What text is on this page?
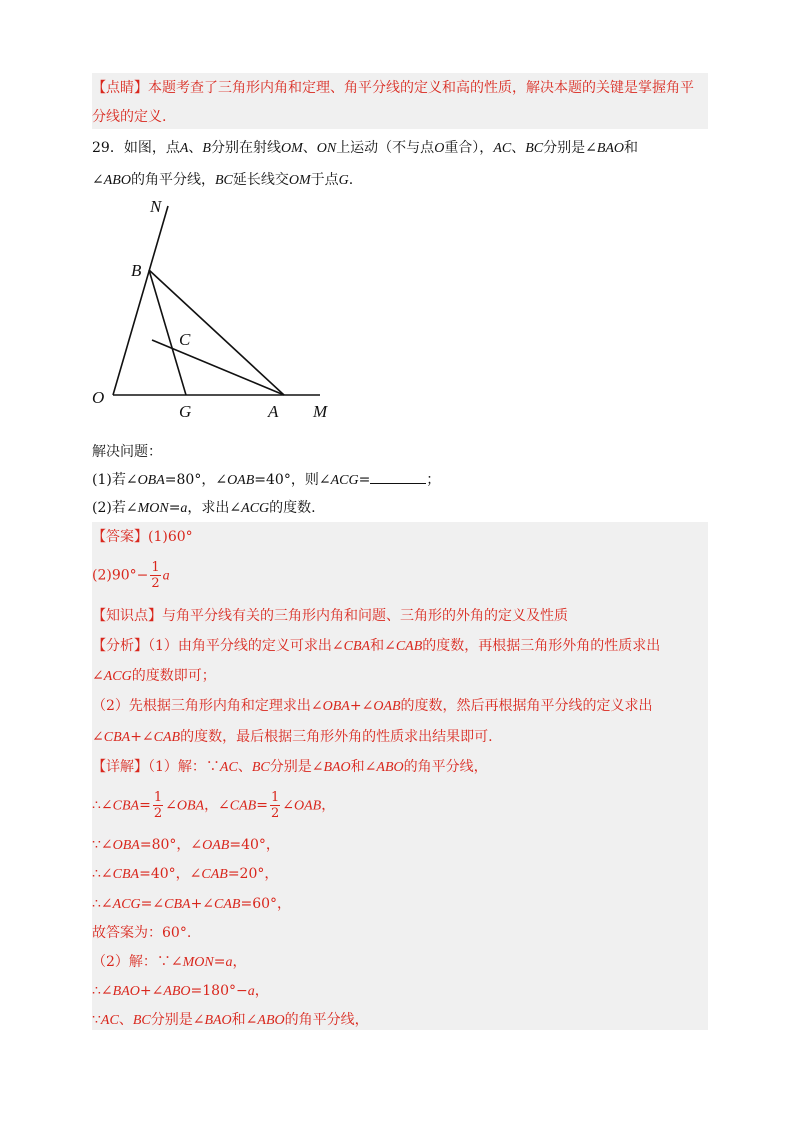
【点睛】本题考查了三角形内角和定理、角平分线的定义和高的性质，解决本题的关键是掌握角平
分线的定义.
29．如图，点A、B分别在射线OM、ON上运动（不与点O重合），AC、BC分别是∠BAO和
∠ABO的角平分线，BC延长线交OM于点G.
N
B
C
O
G	A M
解决问题：
(1)若∠OBA=80°，∠OAB=40°，则∠ACG=	；
(2)若∠MON=a，求出∠ACG的度数.
【答案】(1)60°
$(2)90^\circ- \frac{1}{2}$ a
【知识点】与角平分线有关的三角形内角和问题、三角形的外角的定义及性质
【分析】（1）由角平分线的定义可求出∠CBA和∠CAB的度数，再根据三角形外角的性质求出
∠ACG的度数即可；
（2）先根据三角形内角和定理求出∠OBA+∠OAB的度数，然后再根据角平分线的定义求出
∠CBA+∠CAB的度数，最后根据三角形外角的性质求出结果即可.
【详解】（1）解：∵AC、BC分别是∠BAO和∠ABO的角平分线，
∴∠CBA= $\frac{1}{2}$ ∠OBA，∠CAB= $\frac{1}{2}$ ∠OAB，
∵∠OBA=80°，∠OAB=40°，
∴∠CBA=40°，∠CAB=20°，
∴∠ACG=∠CBA+∠CAB=60°，
故答案为：60°.
（2）解：∵∠MON=a，
∴∠BAO+∠ABO=180°−a，
∵AC、BC分别是∠BAO和∠ABO的角平分线，
